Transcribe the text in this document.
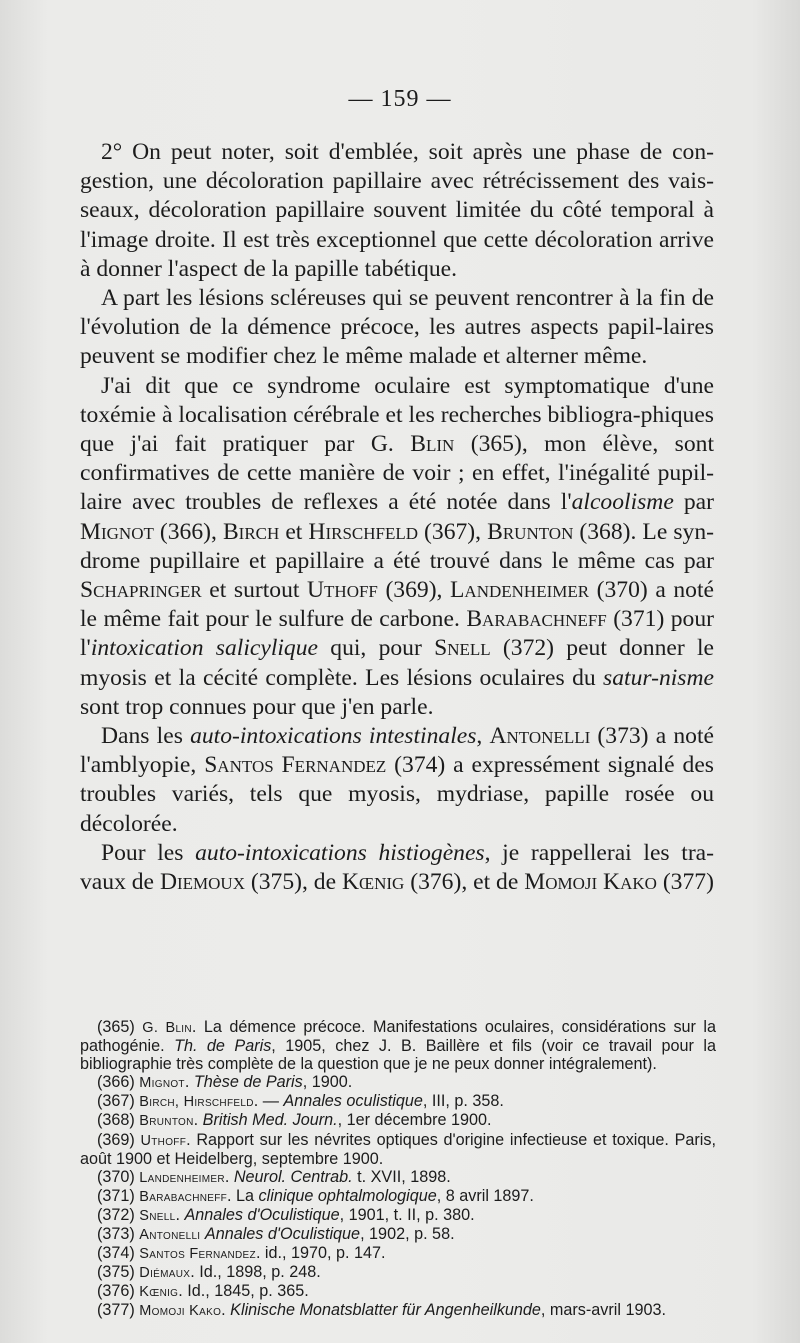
— 159 —

2° On peut noter, soit d'emblée, soit après une phase de con-gestion, une décoloration papillaire avec rétrécissement des vais-seaux, décoloration papillaire souvent limitée du côté temporal à l'image droite. Il est très exceptionnel que cette décoloration arrive à donner l'aspect de la papille tabétique.

A part les lésions scléreuses qui se peuvent rencontrer à la fin de l'évolution de la démence précoce, les autres aspects papil-laires peuvent se modifier chez le même malade et alterner même.

J'ai dit que ce syndrome oculaire est symptomatique d'une toxémie à localisation cérébrale et les recherches bibliogra-phiques que j'ai fait pratiquer par G. Blin (365), mon élève, sont confirmatives de cette manière de voir ; en effet, l'inégalité pupil-laire avec troubles de reflexes a été notée dans l'alcoolisme par Mignot (366), Birch et Hirschfeld (367), Brunton (368). Le syn-drome pupillaire et papillaire a été trouvé dans le même cas par Schapringer et surtout Uthoff (369), Landenheimer (370) a noté le même fait pour le sulfure de carbone. Barabachneff (371) pour l'intoxication salicylique qui, pour Snell (372) peut donner le myosis et la cécité complète. Les lésions oculaires du satur-nisme sont trop connues pour que j'en parle.

Dans les auto-intoxications intestinales, Antonelli (373) a noté l'amblyopie, Santos Fernandez (374) a expressément signalé des troubles variés, tels que myosis, mydriase, papille rosée ou décolorée.

Pour les auto-intoxications histiogènes, je rappellerai les tra-vaux de Diemoux (375), de Kœnig (376), et de Momoji Kako (377)

(365) G. Blin. La démence précoce. Manifestations oculaires, considérations sur la pathogénie. Th. de Paris, 1905, chez J. B. Baillère et fils (voir ce travail pour la bibliographie très complète de la question que je ne peux donner intégralement).

(366) Mignot. Thèse de Paris, 1900.

(367) Birch, Hirschfeld. — Annales oculistique, III, p. 358.

(368) Brunton. British Med. Journ., 1er décembre 1900.

(369) Uthoff. Rapport sur les névrites optiques d'origine infectieuse et toxique. Paris, août 1900 et Heidelberg, septembre 1900.

(370) Landenheimer. Neurol. Centrab. t. XVII, 1898.

(371) Barabachneff. La clinique ophtalmologique, 8 avril 1897.

(372) Snell. Annales d'Oculistique, 1901, t. II, p. 380.

(373) Antonelli Annales d'Oculistique, 1902, p. 58.

(374) Santos Fernandez. id., 1970, p. 147.

(375) Diémaux. Id., 1898, p. 248.

(376) Kœnig. Id., 1845, p. 365.

(377) Momoji Kako. Klinische Monatsblatter für Angenheilkunde, mars-avril 1903.
